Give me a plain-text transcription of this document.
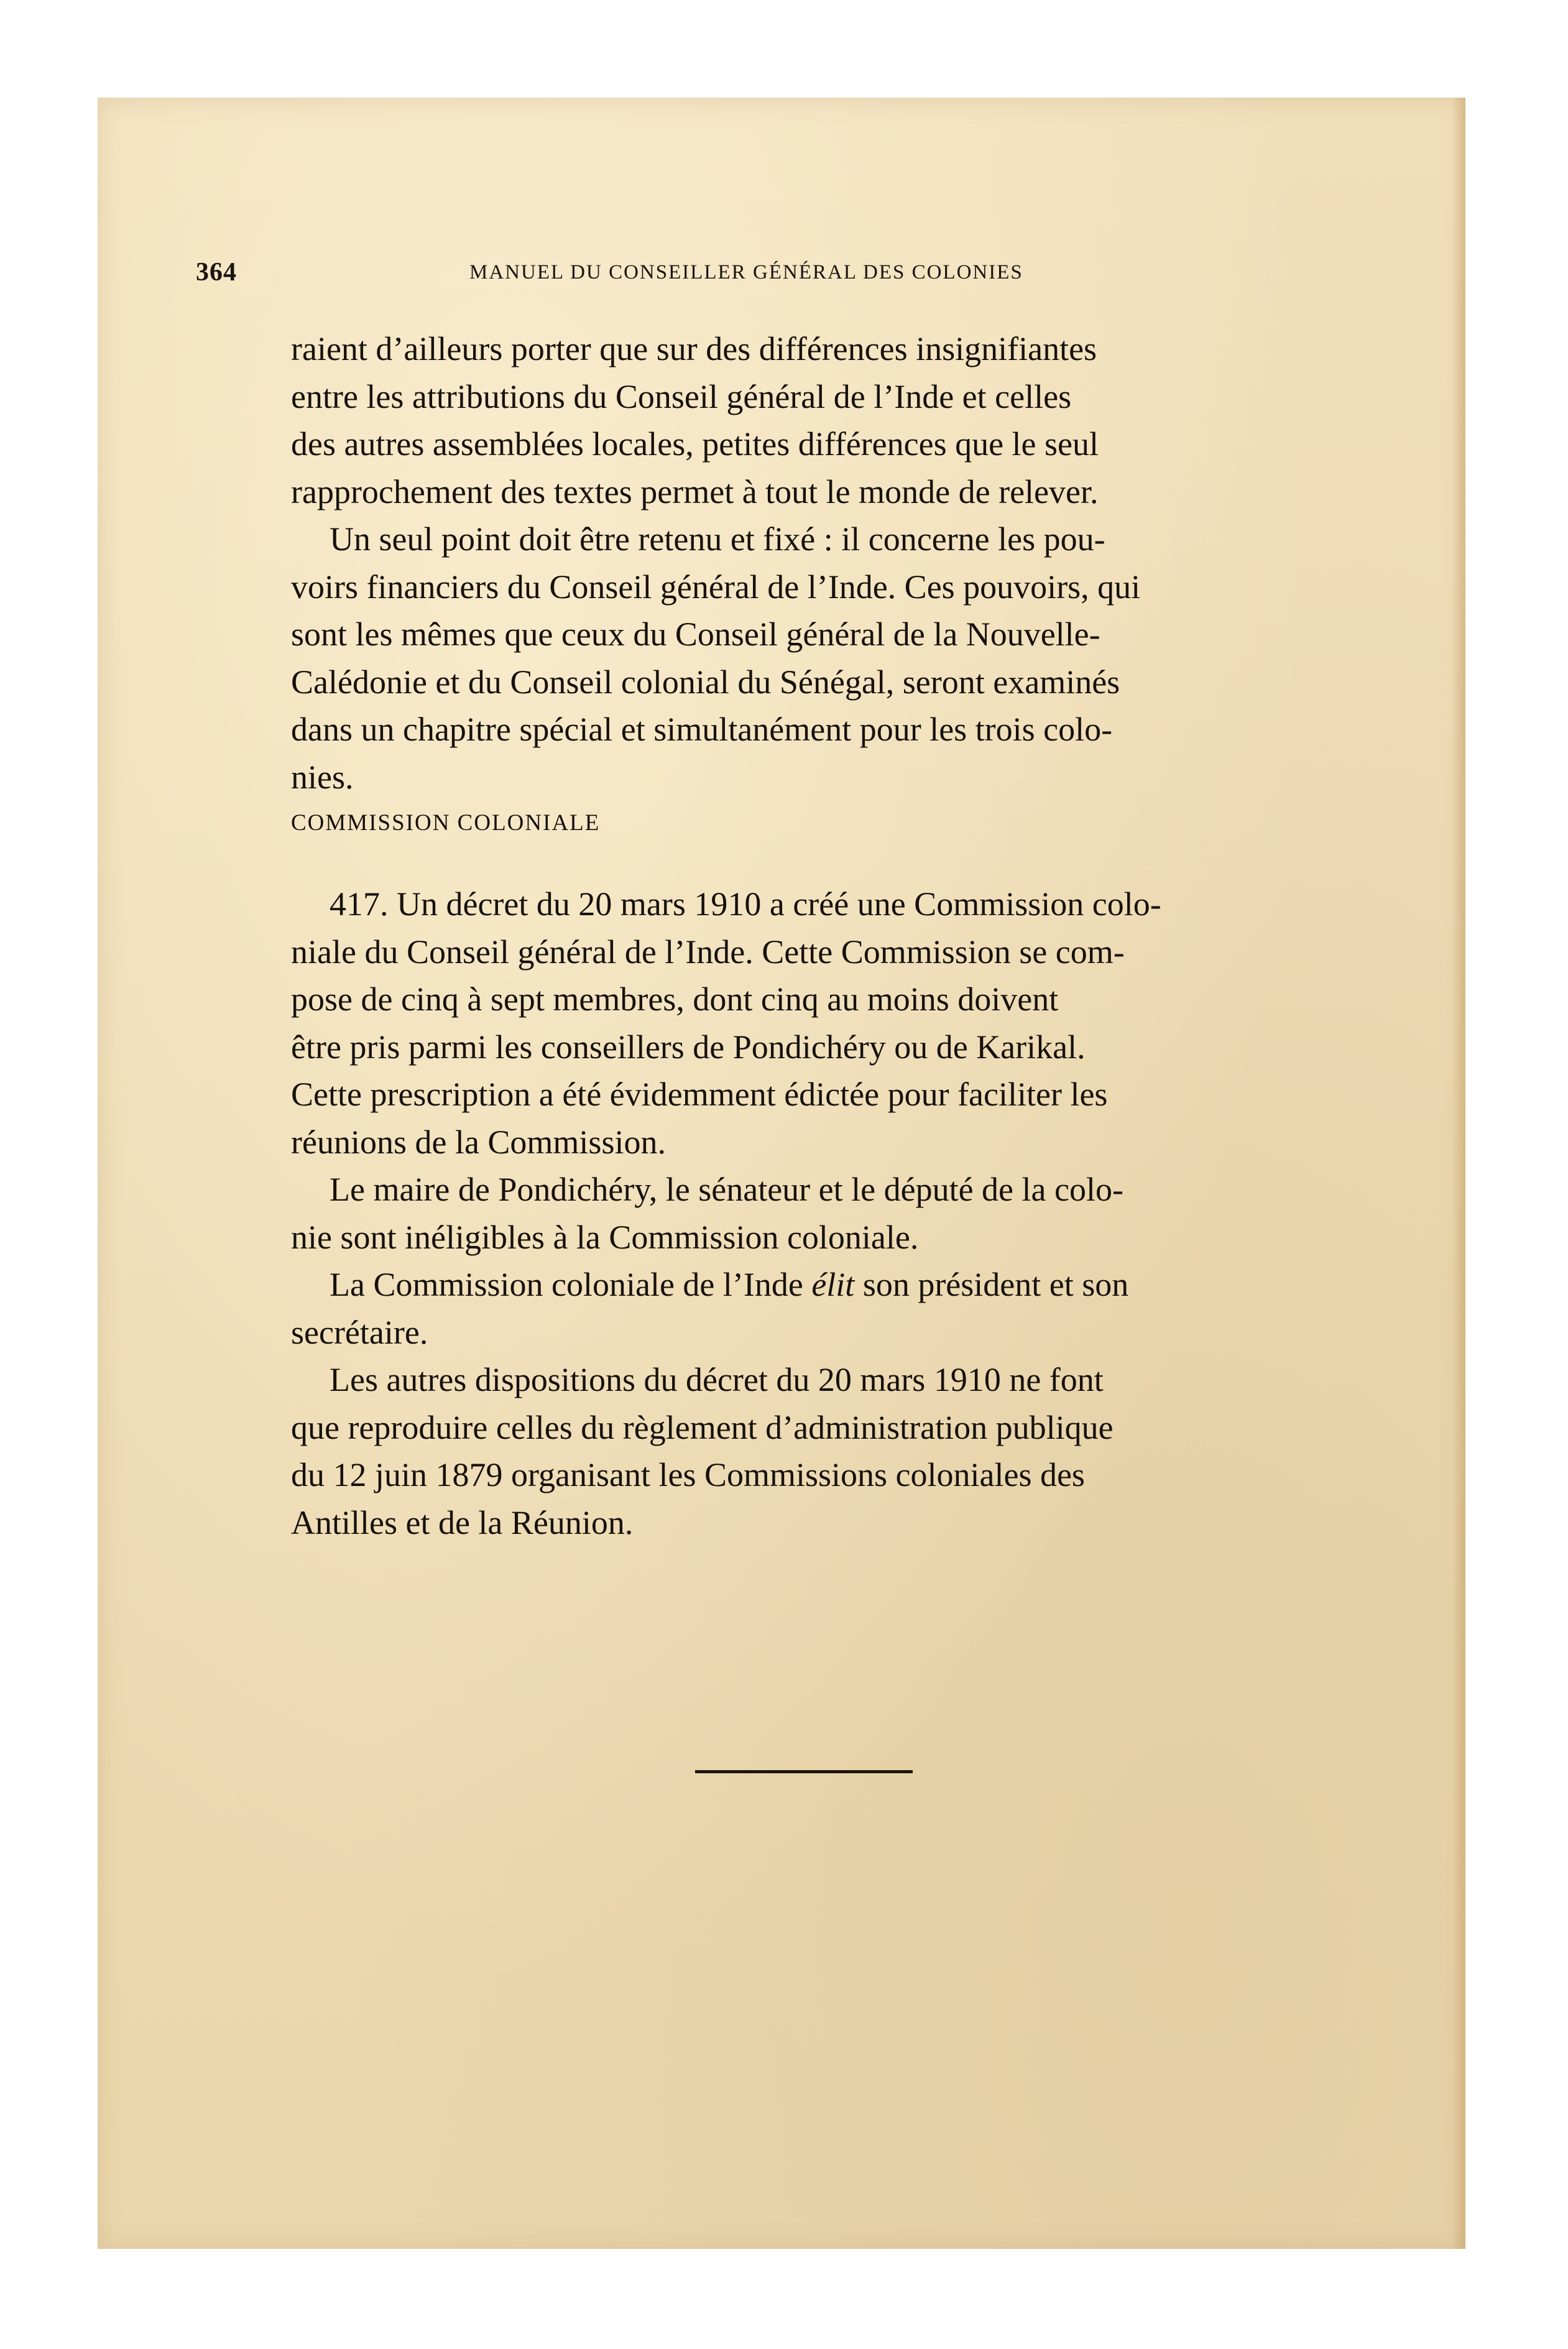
364	MANUEL DU CONSEILLER GÉNÉRAL DES COLONIES

raient d’ailleurs porter que sur des différences insignifiantes
entre les attributions du Conseil général de l’Inde et celles
des autres assemblées locales, petites différences que le seul
rapprochement des textes permet à tout le monde de relever.

Un seul point doit être retenu et fixé : il concerne les pou-
voirs financiers du Conseil général de l’Inde. Ces pouvoirs, qui
sont les mêmes que ceux du Conseil général de la Nouvelle-
Calédonie et du Conseil colonial du Sénégal, seront examinés
dans un chapitre spécial et simultanément pour les trois colo-
nies.

COMMISSION COLONIALE

417. Un décret du 20 mars 1910 a créé une Commission colo-
niale du Conseil général de l’Inde. Cette Commission se com-
pose de cinq à sept membres, dont cinq au moins doivent
être pris parmi les conseillers de Pondichéry ou de Karikal.
Cette prescription a été évidemment édictée pour faciliter les
réunions de la Commission.

Le maire de Pondichéry, le sénateur et le député de la colo-
nie sont inéligibles à la Commission coloniale.

La Commission coloniale de l’Inde élit son président et son
secrétaire.

Les autres dispositions du décret du 20 mars 1910 ne font
que reproduire celles du règlement d’administration publique
du 12 juin 1879 organisant les Commissions coloniales des
Antilles et de la Réunion.
